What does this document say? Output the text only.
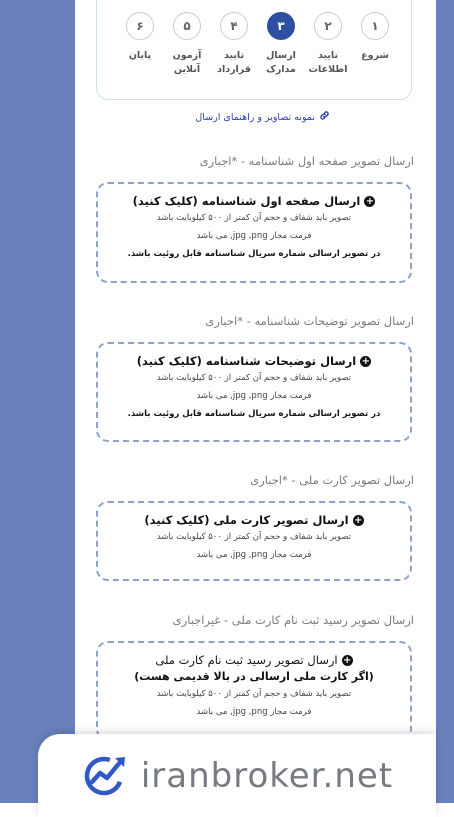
۱
شروع
۲
تایید
اطلاعات
۳
ارسال
مدارک
۴
تایید
قرارداد
۵
آزمون
آنلاین
۶
پایان
نمونه تصاویر و راهنمای ارسال
ارسال تصویر صفحه اول شناسنامه - *اجباری
+
ارسال صفحه اول شناسنامه (کلیک کنید)
تصویر باید شفاف و حجم آن کمتر از ۵۰۰ کیلوبایت باشد
فرمت مجاز jpg ,png, می باشد
در تصویر ارسالی شماره سریال شناسنامه قابل روئیت باشد.
ارسال تصویر توضیحات شناسنامه - *اجباری
+
ارسال توضیحات شناسنامه (کلیک کنید)
تصویر باید شفاف و حجم آن کمتر از ۵۰۰ کیلوبایت باشد
فرمت مجاز jpg ,png, می باشد
در تصویر ارسالی شماره سریال شناسنامه قابل روئیت باشد.
ارسال تصویر کارت ملی - *اجباری
+
ارسال تصویر کارت ملی (کلیک کنید)
تصویر باید شفاف و حجم آن کمتر از ۵۰۰ کیلوبایت باشد
فرمت مجاز jpg ,png, می باشد
ارسال تصویر رسید ثبت نام کارت ملی - غیراجباری
+
ارسال تصویر رسید ثبت نام کارت ملی
(اگر کارت ملی ارسالی در بالا قدیمی هست)
تصویر باید شفاف و حجم آن کمتر از ۵۰۰ کیلوبایت باشد
فرمت مجاز jpg ,png, می باشد
iranbroker.net
